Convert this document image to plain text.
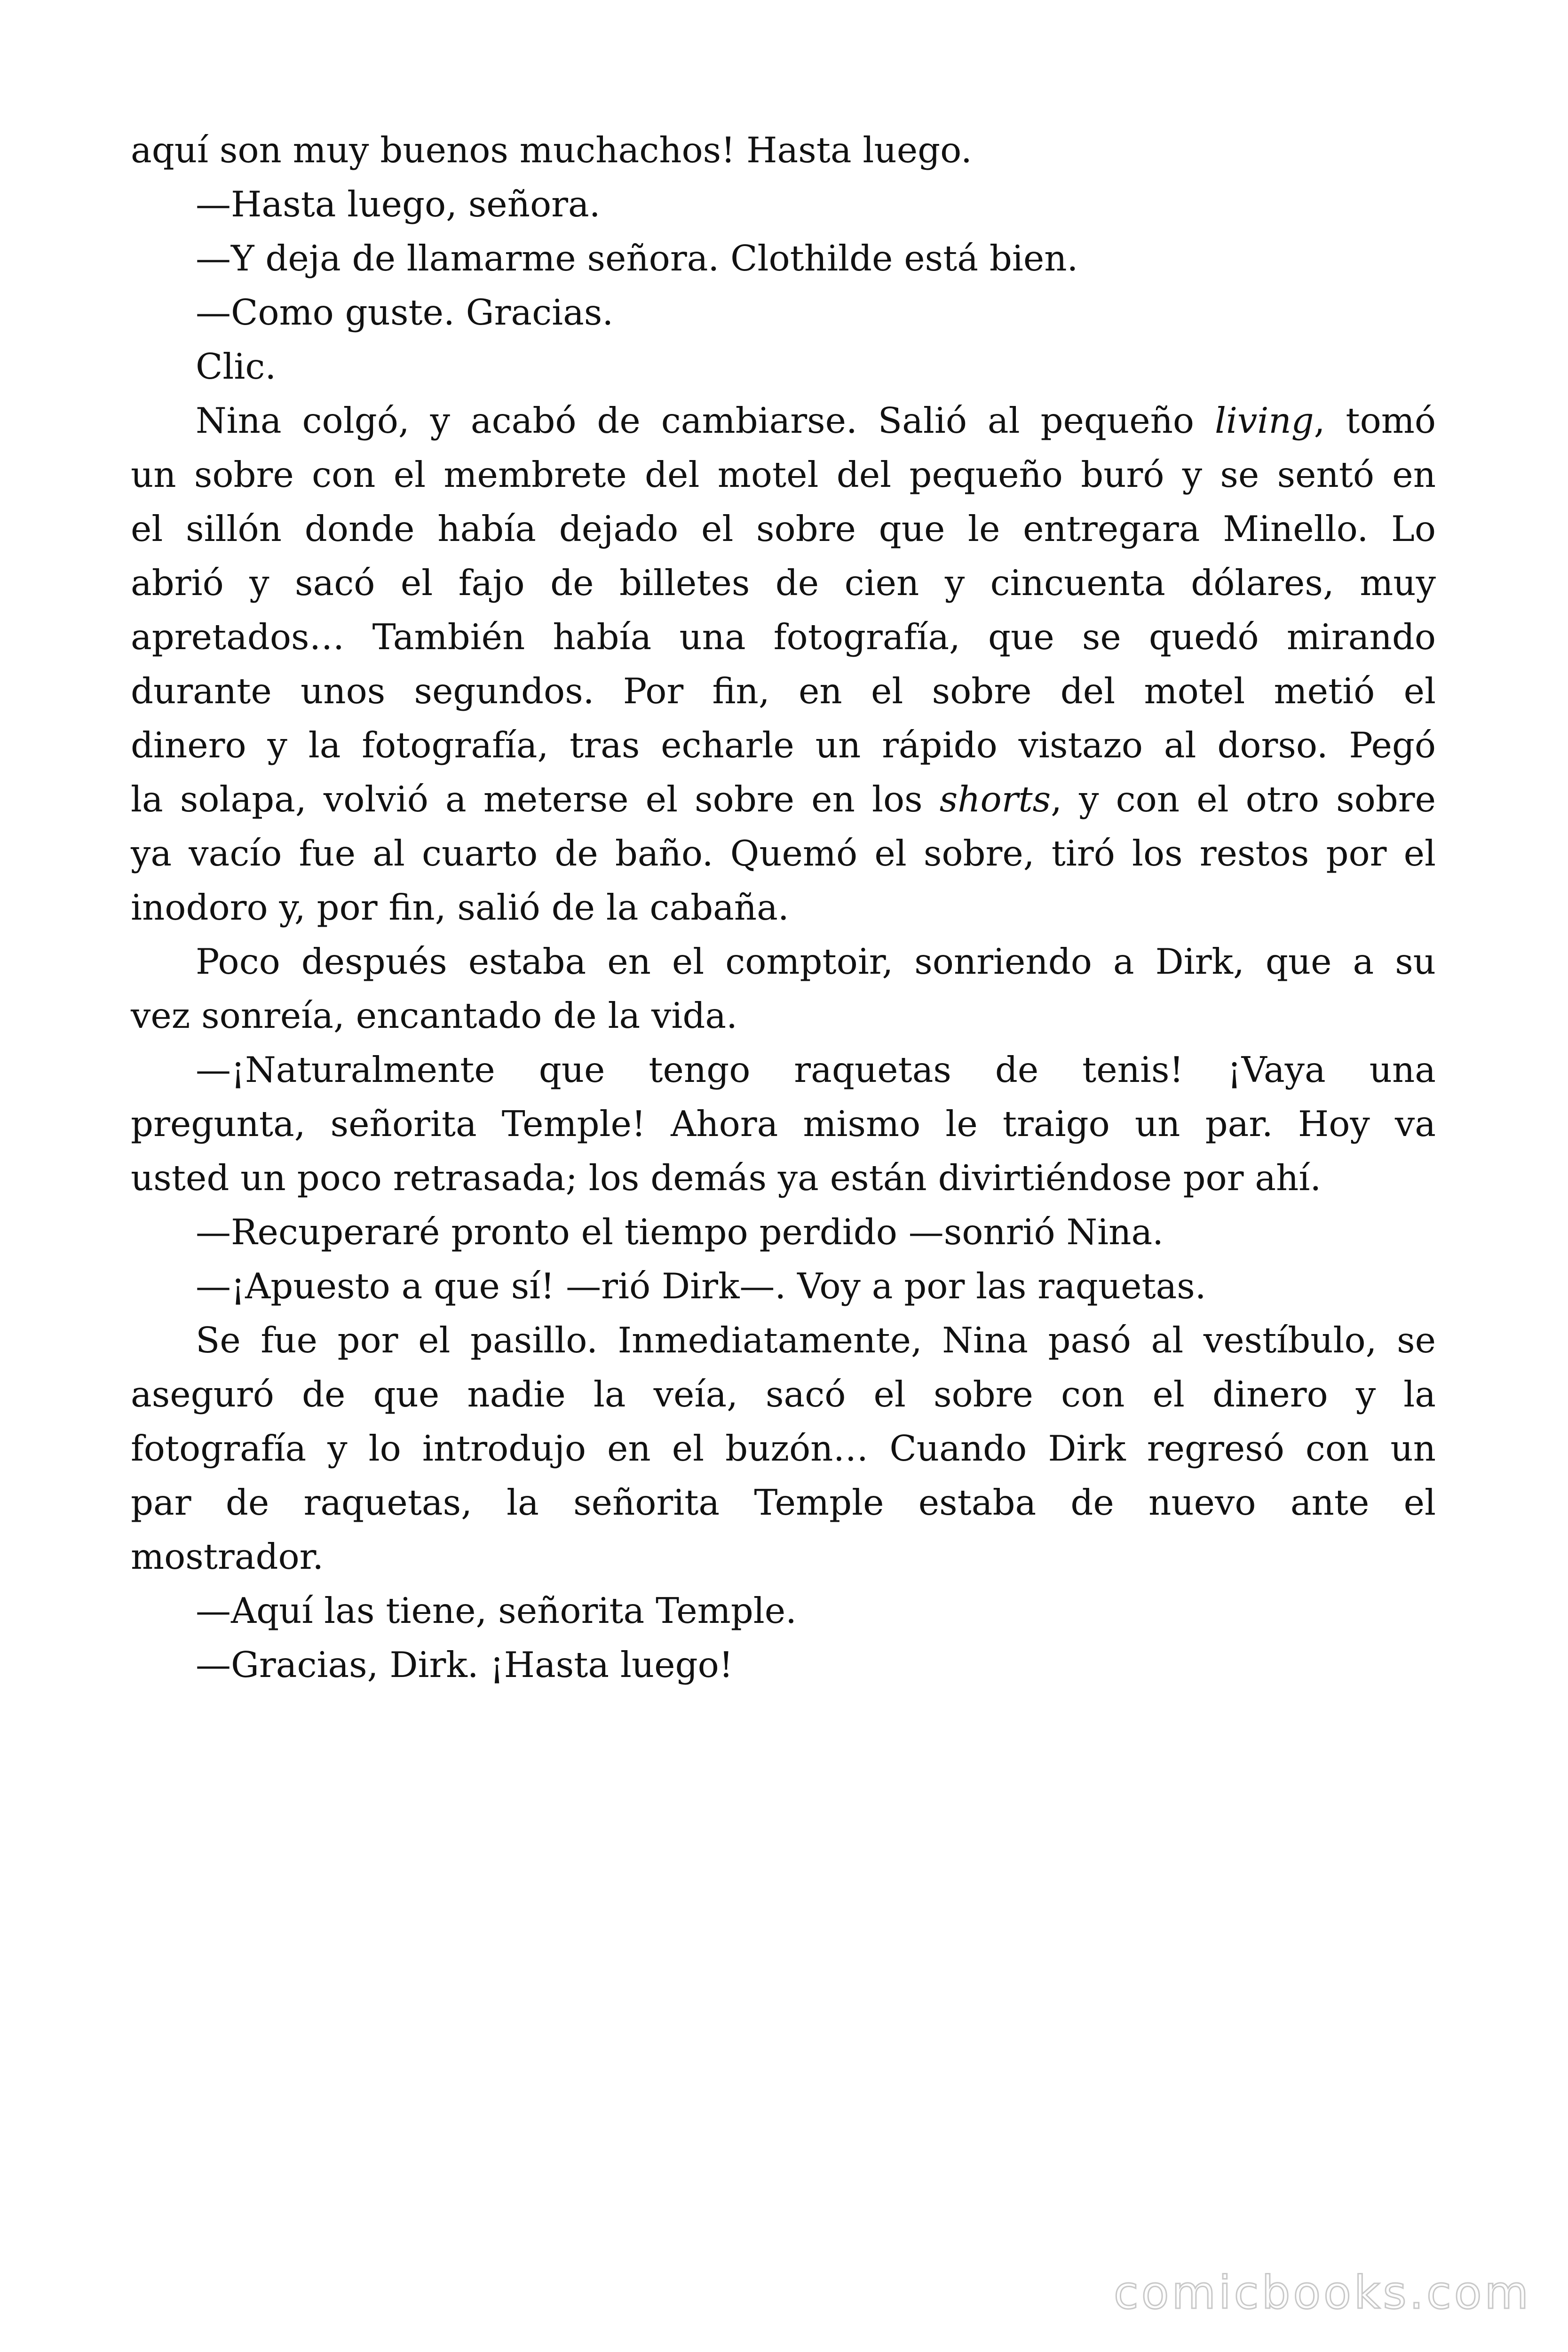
aquí son muy buenos muchachos! Hasta luego.
—Hasta luego, señora.
—Y deja de llamarme señora. Clothilde está bien.
—Como guste. Gracias.
Clic.
Nina colgó, y acabó de cambiarse. Salió al pequeño living, tomó
un sobre con el membrete del motel del pequeño buró y se sentó en
el sillón donde había dejado el sobre que le entregara Minello. Lo
abrió y sacó el fajo de billetes de cien y cincuenta dólares, muy
apretados… También había una fotografía, que se quedó mirando
durante unos segundos. Por fin, en el sobre del motel metió el
dinero y la fotografía, tras echarle un rápido vistazo al dorso. Pegó
la solapa, volvió a meterse el sobre en los shorts, y con el otro sobre
ya vacío fue al cuarto de baño. Quemó el sobre, tiró los restos por el
inodoro y, por fin, salió de la cabaña.
Poco después estaba en el comptoir, sonriendo a Dirk, que a su
vez sonreía, encantado de la vida.
—¡Naturalmente que tengo raquetas de tenis! ¡Vaya una
pregunta, señorita Temple! Ahora mismo le traigo un par. Hoy va
usted un poco retrasada; los demás ya están divirtiéndose por ahí.
—Recuperaré pronto el tiempo perdido —sonrió Nina.
—¡Apuesto a que sí! —rió Dirk—. Voy a por las raquetas.
Se fue por el pasillo. Inmediatamente, Nina pasó al vestíbulo, se
aseguró de que nadie la veía, sacó el sobre con el dinero y la
fotografía y lo introdujo en el buzón… Cuando Dirk regresó con un
par de raquetas, la señorita Temple estaba de nuevo ante el
mostrador.
—Aquí las tiene, señorita Temple.
—Gracias, Dirk. ¡Hasta luego!
comicbooks.com
